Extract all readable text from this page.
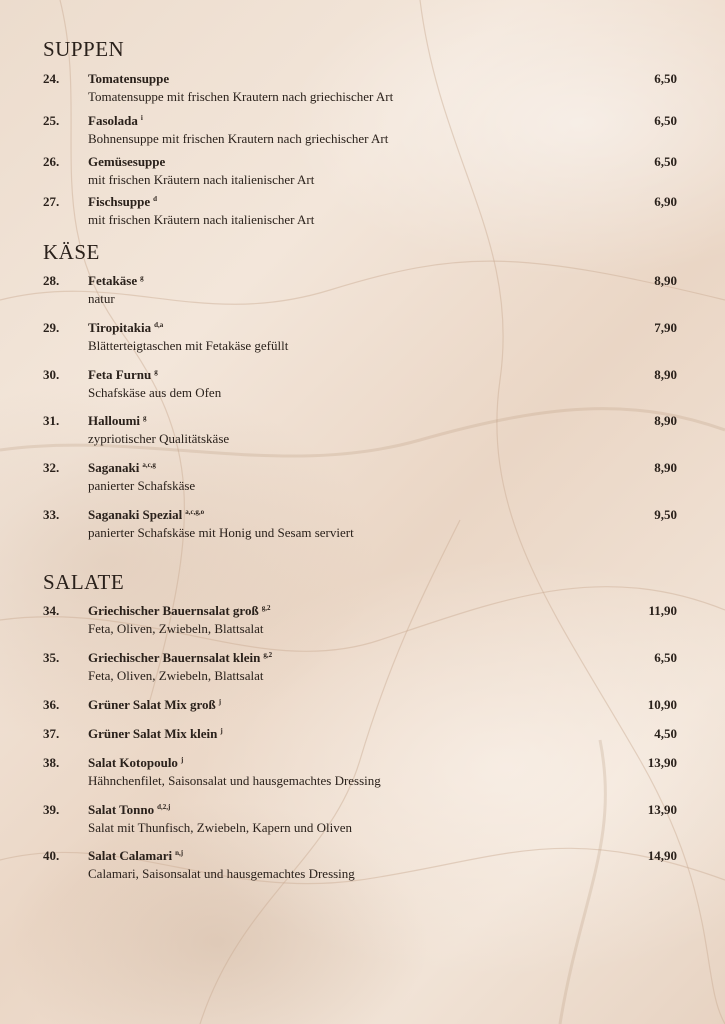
SUPPEN
24. Tomatensuppe
Tomatensuppe mit frischen Krautern nach griechischer Art
6,50
25. Fasolada $^i$
Bohnensuppe mit frischen Krautern nach griechischer Art
6,50
26. Gemüsesuppe
mit frischen Kräutern nach italienischer Art
6,50
27. Fischsuppe $^d$
mit frischen Kräutern nach italienischer Art
6,90
KÄSE
28. Fetakäse $^g$
natur
8,90
29. Tiropitakia $^{d,a}$
Blätterteigtaschen mit Fetakäse gefüllt
7,90
30. Feta Furnu $^g$
Schafskäse aus dem Ofen
8,90
31. Halloumi $^g$
zypriotischer Qualitätskäse
8,90
32. Saganaki $^{a,c,g}$
panierter Schafskäse
8,90
33. Saganaki Spezial $^{a,c,g,o}$
panierter Schafskäse mit Honig und Sesam serviert
9,50
SALATE
34. Griechischer Bauernsalat groß $^{g,2}$
Feta, Oliven, Zwiebeln, Blattsalat
11,90
35. Griechischer Bauernsalat klein $^{g,2}$
Feta, Oliven, Zwiebeln, Blattsalat
6,50
36. Grüner Salat Mix groß $^j$	10,90
37. Grüner Salat Mix klein $^j$	4,50
38. Salat Kotopoulo $^j$
Hähnchenfilet, Saisonsalat und hausgemachtes Dressing
13,90
39. Salat Tonno $^{d,2,j}$
Salat mit Thunfisch, Zwiebeln, Kapern und Oliven
13,90
40. Salat Calamari $^{n,j}$
Calamari, Saisonsalat und hausgemachtes Dressing
14,90
